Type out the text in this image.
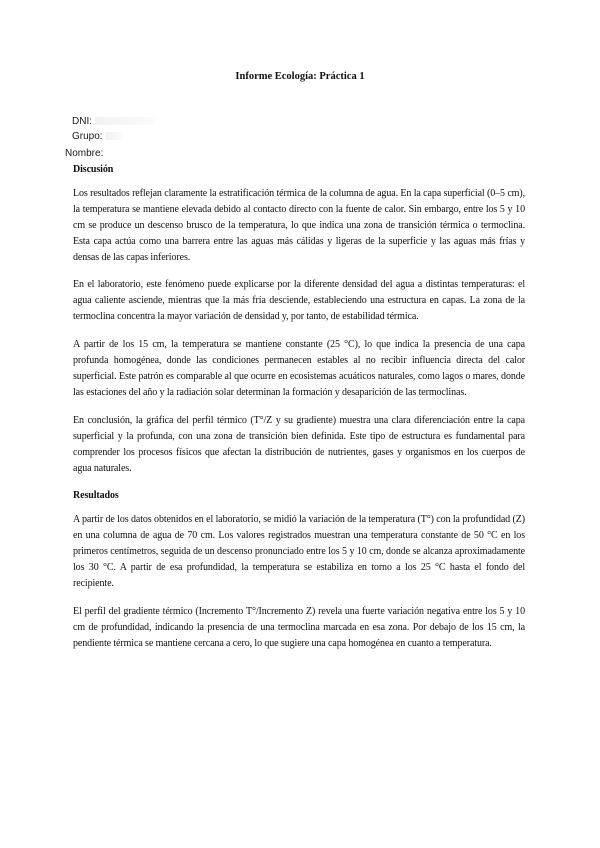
Informe Ecología: Práctica 1
DNI:
Grupo:
Nombre:
Discusión

Los resultados reflejan claramente la estratificación térmica de la columna de agua. En la capa superficial (0–5 cm), la temperatura se mantiene elevada debido al contacto directo con la fuente de calor. Sin embargo, entre los 5 y 10 cm se produce un descenso brusco de la temperatura, lo que indica una zona de transición térmica o termoclina. Esta capa actúa como una barrera entre las aguas más cálidas y ligeras de la superficie y las aguas más frías y densas de las capas inferiores.

En el laboratorio, este fenómeno puede explicarse por la diferente densidad del agua a distintas temperaturas: el agua caliente asciende, mientras que la más fría desciende, estableciendo una estructura en capas. La zona de la termoclina concentra la mayor variación de densidad y, por tanto, de estabilidad térmica.

A partir de los 15 cm, la temperatura se mantiene constante (25 °C), lo que indica la presencia de una capa profunda homogénea, donde las condiciones permanecen estables al no recibir influencia directa del calor superficial. Este patrón es comparable al que ocurre en ecosistemas acuáticos naturales, como lagos o mares, donde las estaciones del año y la radiación solar determinan la formación y desaparición de las termoclinas.

En conclusión, la gráfica del perfil térmico (T°/Z y su gradiente) muestra una clara diferenciación entre la capa superficial y la profunda, con una zona de transición bien definida. Este tipo de estructura es fundamental para comprender los procesos físicos que afectan la distribución de nutrientes, gases y organismos en los cuerpos de agua naturales.

Resultados

A partir de los datos obtenidos en el laboratorio, se midió la variación de la temperatura (T°) con la profundidad (Z) en una columna de agua de 70 cm. Los valores registrados muestran una temperatura constante de 50 °C en los primeros centímetros, seguida de un descenso pronunciado entre los 5 y 10 cm, donde se alcanza aproximadamente los 30 °C. A partir de esa profundidad, la temperatura se estabiliza en torno a los 25 °C hasta el fondo del recipiente.

El perfil del gradiente térmico (Incremento T°/Incremento Z) revela una fuerte variación negativa entre los 5 y 10 cm de profundidad, indicando la presencia de una termoclina marcada en esa zona. Por debajo de los 15 cm, la pendiente térmica se mantiene cercana a cero, lo que sugiere una capa homogénea en cuanto a temperatura.
